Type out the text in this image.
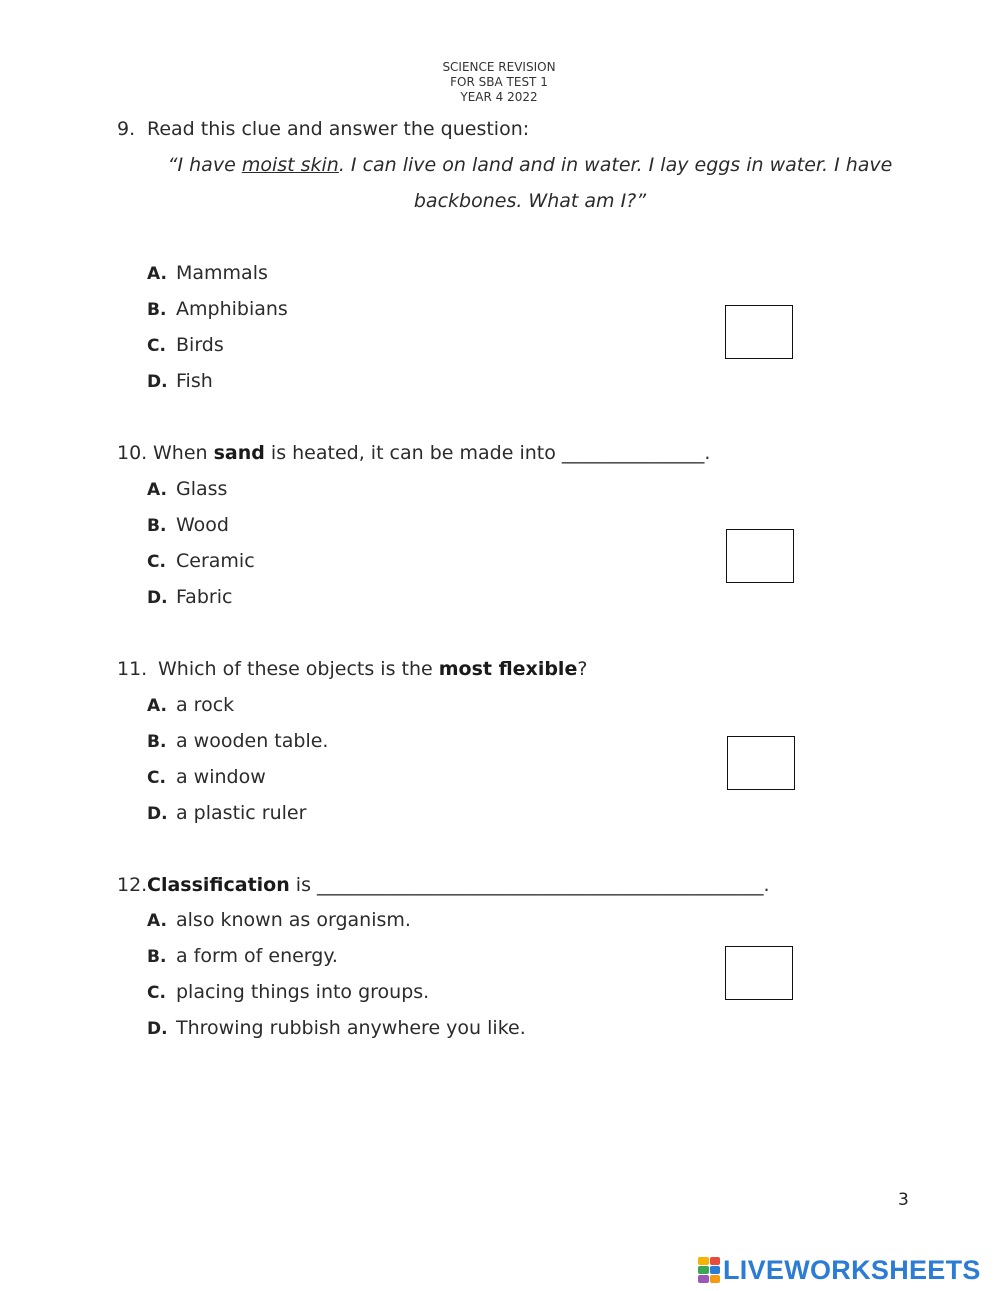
SCIENCE REVISION
FOR SBA TEST 1
YEAR 4 2022
9. Read this clue and answer the question:
“I have moist skin. I can live on land and in water. I lay eggs in water. I have
backbones. What am I?”
A. Mammals
B. Amphibians
C. Birds
D. Fish
10. When sand is heated, it can be made into _______________.
A. Glass
B. Wood
C. Ceramic
D. Fabric
11. Which of these objects is the most flexible?
A. a rock
B. a wooden table.
C. a window
D. a plastic ruler
12. Classification is _______________________________________________.
A. also known as organism.
B. a form of energy.
C. placing things into groups.
D. Throwing rubbish anywhere you like.
3
LIVEWORKSHEETS
